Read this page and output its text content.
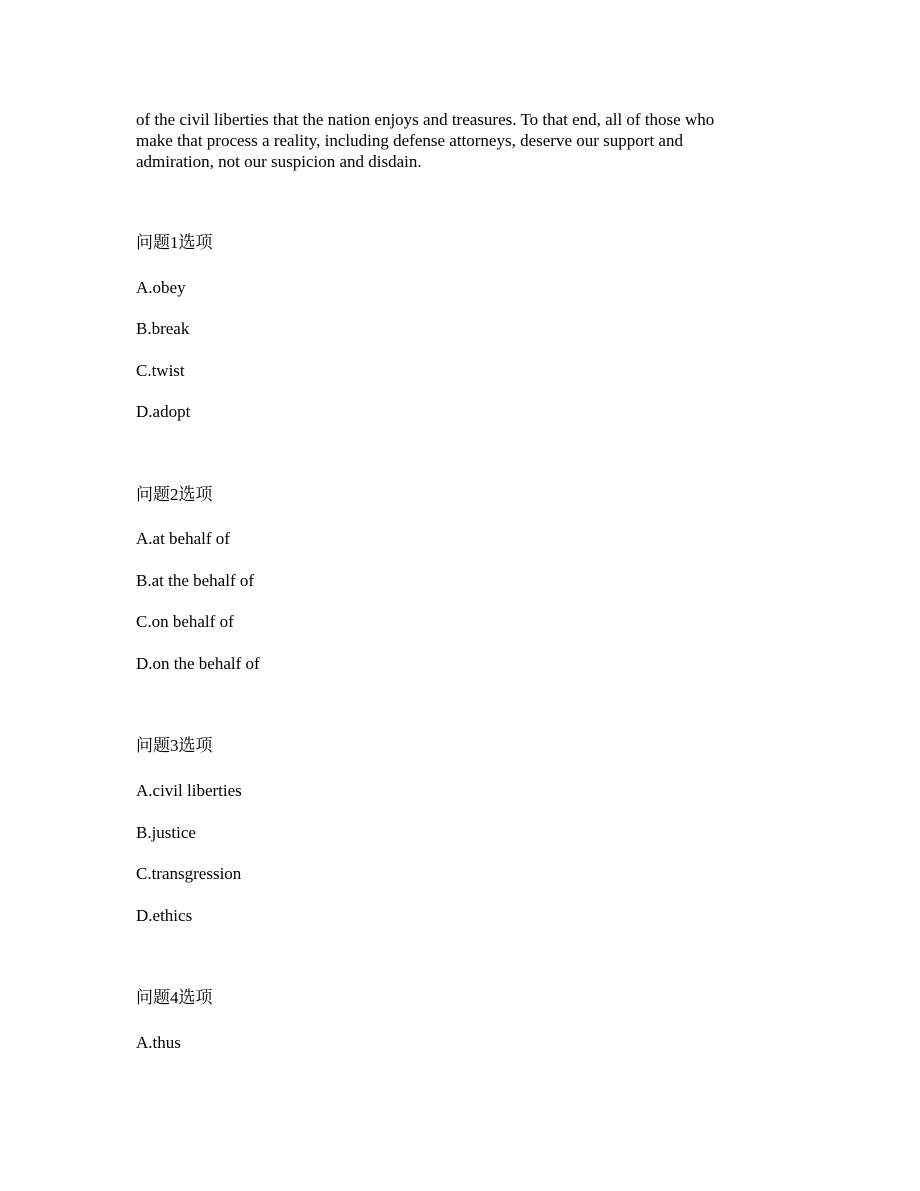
of the civil liberties that the nation enjoys and treasures. To that end, all of those who
make that process a reality, including defense attorneys, deserve our support and
admiration, not our suspicion and disdain.

问题1选项
A.obey
B.break
C.twist
D.adopt
问题2选项
A.at behalf of
B.at the behalf of
C.on behalf of
D.on the behalf of
问题3选项
A.civil liberties
B.justice
C.transgression
D.ethics
问题4选项
A.thus
